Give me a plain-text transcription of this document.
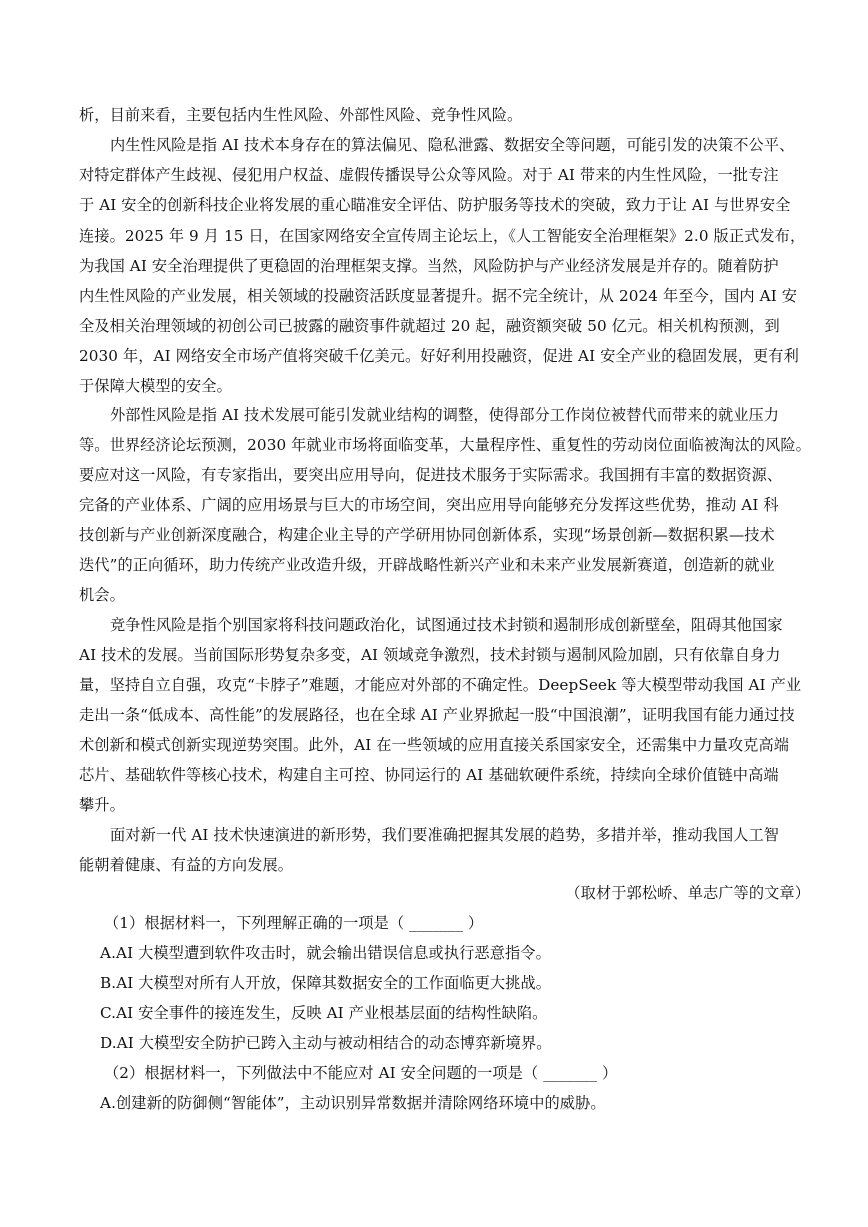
析，目前来看，主要包括内生性风险、外部性风险、竞争性风险。
内生性风险是指 AI 技术本身存在的算法偏见、隐私泄露、数据安全等问题，可能引发的决策不公平、
对特定群体产生歧视、侵犯用户权益、虚假传播误导公众等风险。对于 AI 带来的内生性风险，一批专注
于 AI 安全的创新科技企业将发展的重心瞄准安全评估、防护服务等技术的突破，致力于让 AI 与世界安全
连接。2025 年 9 月 15 日，在国家网络安全宣传周主论坛上，《人工智能安全治理框架》2.0 版正式发布，
为我国 AI 安全治理提供了更稳固的治理框架支撑。当然，风险防护与产业经济发展是并存的。随着防护
内生性风险的产业发展，相关领域的投融资活跃度显著提升。据不完全统计，从 2024 年至今，国内 AI 安
全及相关治理领域的初创公司已披露的融资事件就超过 20 起，融资额突破 50 亿元。相关机构预测，到
2030 年，AI 网络安全市场产值将突破千亿美元。好好利用投融资，促进 AI 安全产业的稳固发展，更有利
于保障大模型的安全。
外部性风险是指 AI 技术发展可能引发就业结构的调整，使得部分工作岗位被替代而带来的就业压力
等。世界经济论坛预测，2030 年就业市场将面临变革，大量程序性、重复性的劳动岗位面临被淘汰的风险。
要应对这一风险，有专家指出，要突出应用导向，促进技术服务于实际需求。我国拥有丰富的数据资源、
完备的产业体系、广阔的应用场景与巨大的市场空间，突出应用导向能够充分发挥这些优势，推动 AI 科
技创新与产业创新深度融合，构建企业主导的产学研用协同创新体系，实现“场景创新—数据积累—技术
迭代”的正向循环，助力传统产业改造升级，开辟战略性新兴产业和未来产业发展新赛道，创造新的就业
机会。
竞争性风险是指个别国家将科技问题政治化，试图通过技术封锁和遏制形成创新壁垒，阻碍其他国家
AI 技术的发展。当前国际形势复杂多变，AI 领域竞争激烈，技术封锁与遏制风险加剧，只有依靠自身力
量，坚持自立自强，攻克“卡脖子”难题，才能应对外部的不确定性。DeepSeek 等大模型带动我国 AI 产业
走出一条“低成本、高性能”的发展路径，也在全球 AI 产业界掀起一股“中国浪潮”，证明我国有能力通过技
术创新和模式创新实现逆势突围。此外，AI 在一些领域的应用直接关系国家安全，还需集中力量攻克高端
芯片、基础软件等核心技术，构建自主可控、协同运行的 AI 基础软硬件系统，持续向全球价值链中高端
攀升。
面对新一代 AI 技术快速演进的新形势，我们要准确把握其发展的趋势，多措并举，推动我国人工智
能朝着健康、有益的方向发展。
（取材于郭松峤、单志广等的文章）
（1）根据材料一，下列理解正确的一项是（ _______ ）
A.AI 大模型遭到软件攻击时，就会输出错误信息或执行恶意指令。
B.AI 大模型对所有人开放，保障其数据安全的工作面临更大挑战。
C.AI 安全事件的接连发生，反映 AI 产业根基层面的结构性缺陷。
D.AI 大模型安全防护已跨入主动与被动相结合的动态博弈新境界。
（2）根据材料一，下列做法中不能应对 AI 安全问题的一项是（ _______ ）
A.创建新的防御侧“智能体”，主动识别异常数据并清除网络环境中的威胁。
